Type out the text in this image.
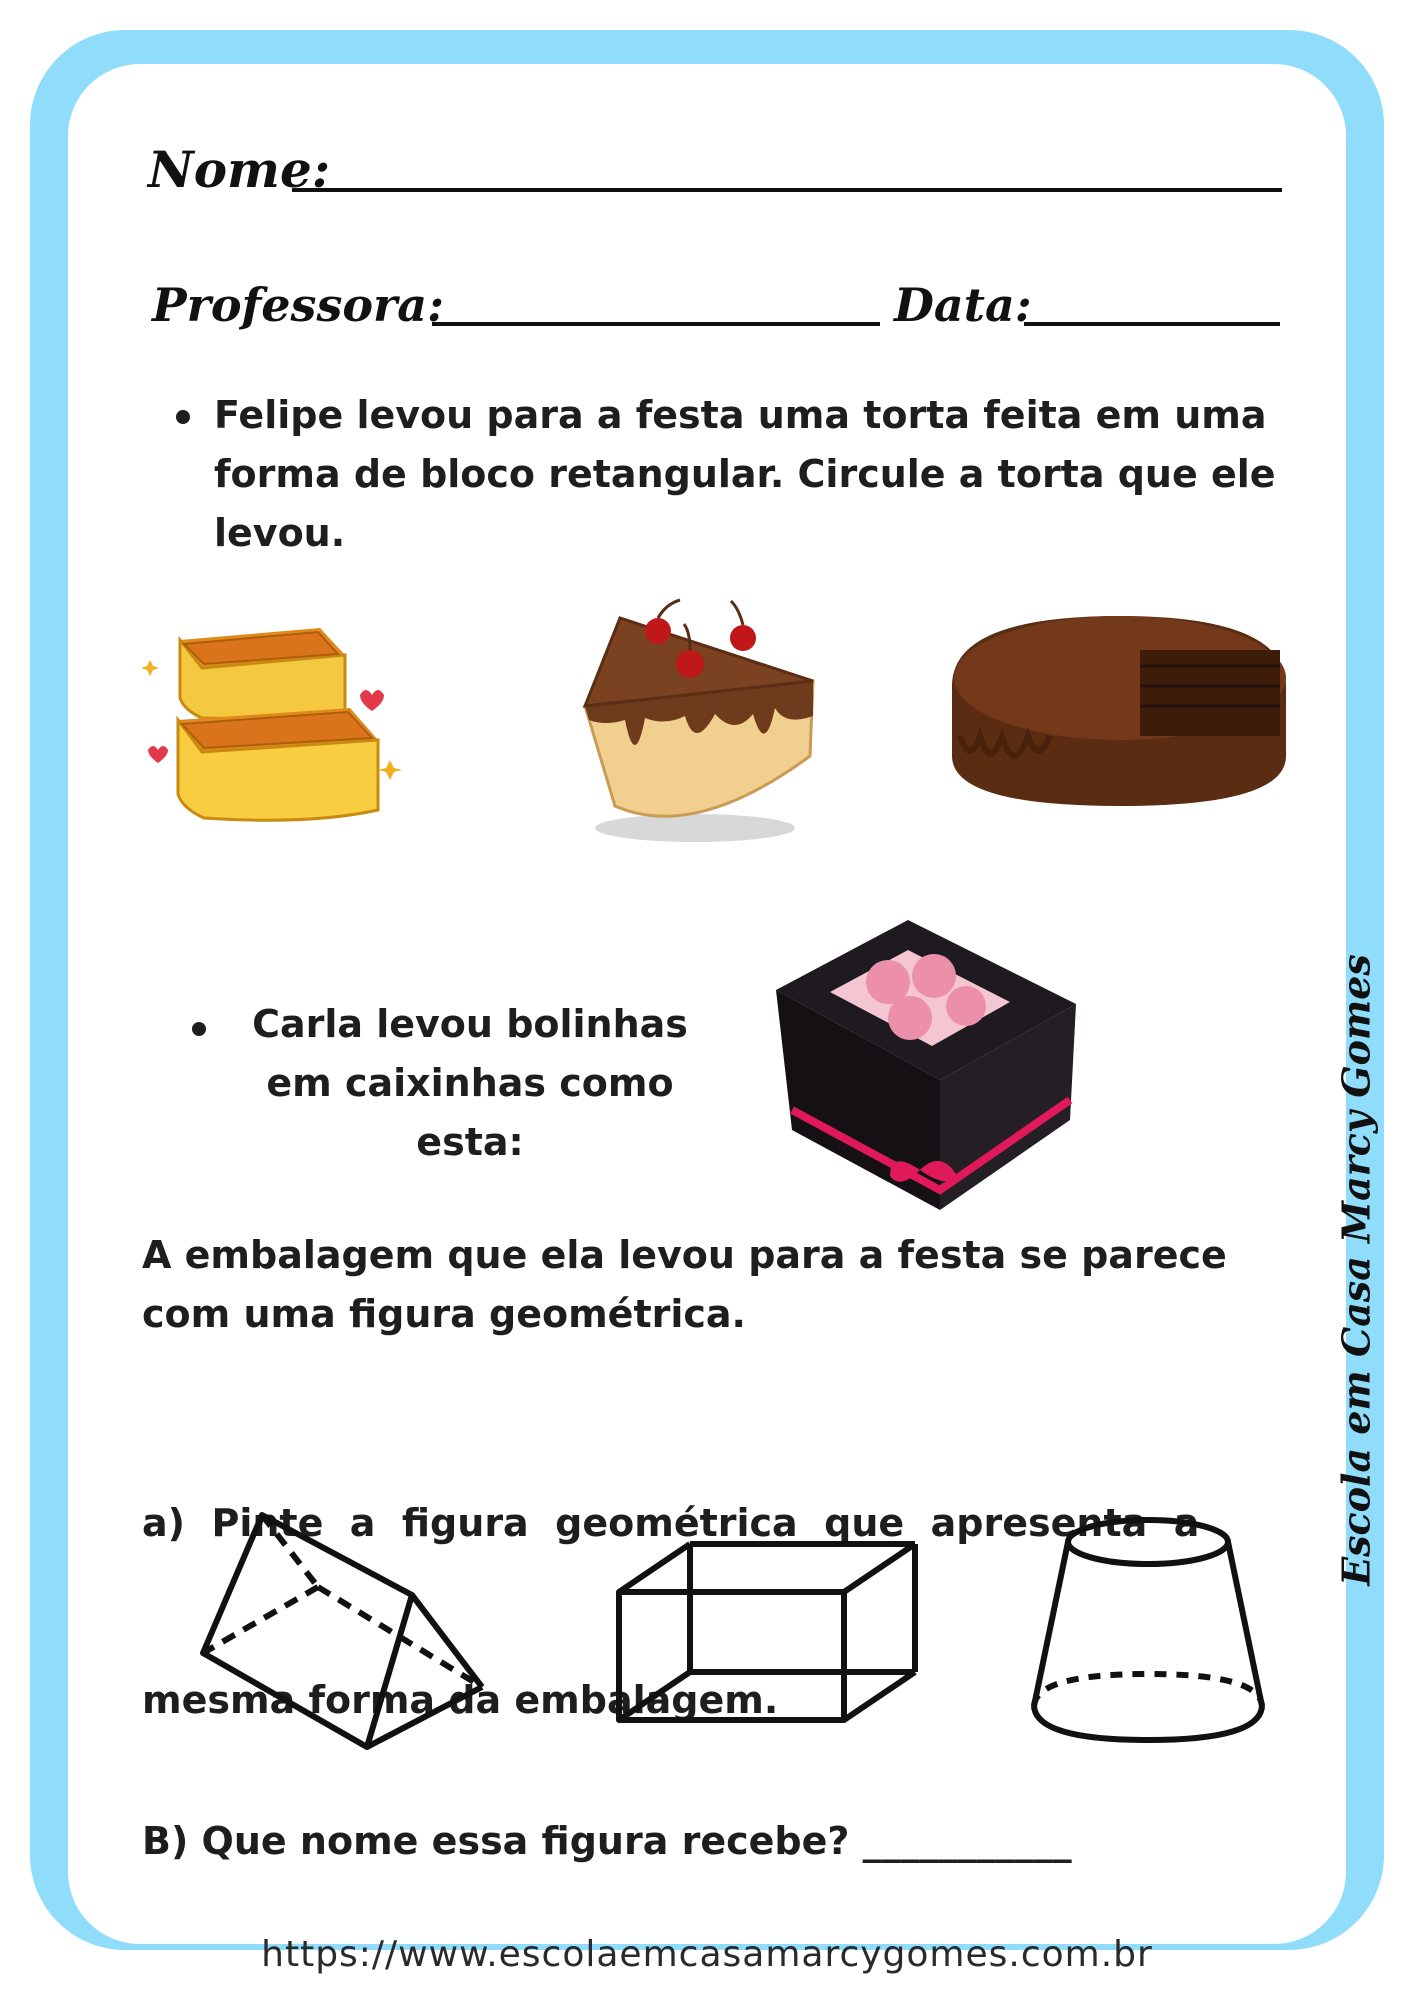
Nome:
Professora:	Data:
Felipe levou para a festa uma torta feita em uma
forma de bloco retangular. Circule a torta que ele
levou.
Carla levou bolinhas
em caixinhas como
esta:
A embalagem que ela levou para a festa se parece
com uma figura geométrica.

a)  Pinte  a  figura  geométrica  que  apresenta  a

mesma forma da embalagem.

B) Que nome essa figura recebe? ___________
Escola em Casa Marcy Gomes
https://www.escolaemcasamarcygomes.com.br
